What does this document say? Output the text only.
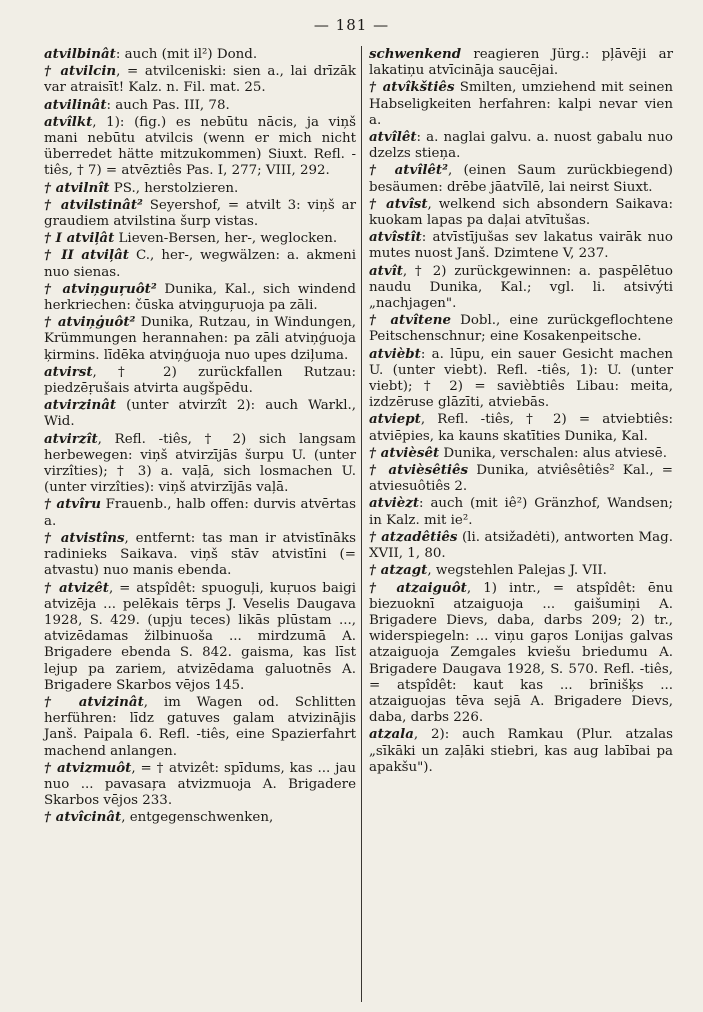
— 181 —

atvilbinât: auch (mit il²) Dond.

† atvilcin, = atvilceniski: sien a., lai drīzāk var atraisīt! Kalz. n. Fil. mat. 25.

atvilinât: auch Pas. III, 78.

atvîlkt, 1): (fig.) es nebūtu nācis, ja viņš mani nebūtu atvilcis (wenn er mich nicht überredet hätte mitzukommen) Siuxt. Refl. -tiês, † 7) = atvēztiês Pas. I, 277; VIII, 292.

† atvilnît PS., herstolzieren.

† atvilstinât² Seyershof, = atvilt 3: viņš ar graudiem atvilstina šurp vistas.

† I atviļât Lieven-Bersen, her-, weglocken.

† II atviļât C., her-, wegwälzen: a. akmeni nuo sienas.

† atviņguŗuôt² Dunika, Kal., sich windend herkriechen: čūska atviņguŗuoja pa zāli.

† atviņġuôt² Dunika, Rutzau, in Windungen, Krümmungen herannahen: pa zāli atviņģuoja ķirmins. līdēka atviņģuoja nuo upes dziļuma.

atvirst, † 2) zurückfallen Rutzau: piedzēṛušais atvirta augšpēdu.

atvirzinât (unter atvirzît 2): auch Warkl., Wid.

atvirzît, Refl. -tiês, † 2) sich langsam herbewegen: viņš atvirzījās šurpu U. (unter virzîties); † 3) a. vaļā, sich losmachen U. (unter virzîties): viņš atvirzījās vaļā.

† atvîru Frauenb., halb offen: durvis atvērtas a.

† atvistîns, entfernt: tas man ir atvistīnāks radinieks Saikava. viņš stāv atvistīni (= atvastu) nuo manis ebenda.

† atvizêt, = atspîdêt: spuoguļi, kuṛuos baigi atvizēja ... pelēkais tērps J. Veselis Daugava 1928, S. 429. (upju teces) likās plūstam ..., atvizēdamas žilbinuoša ... mirdzumā A. Brigadere ebenda S. 842. gaisma, kas līst lejup pa zariem, atvizēdama galuotnēs A. Brigadere Skarbos vējos 145.

† atvizinât, im Wagen od. Schlitten herführen: līdz gatuves galam atvizinājis Janš. Paipala 6. Refl. -tiês, eine Spazierfahrt machend anlangen.

† atvizmuôt, = † atvizêt: spīdums, kas ... jau nuo ... pavasaŗa atvizmuoja A. Brigadere Skarbos vējos 233.

† atvîcinât, entgegenschwenken,

schwenkend reagieren Jürg.: pļāvēji ar lakatiņu atvīcināja saucējai.

† atvîkštiês Smilten, umziehend mit seinen Habseligkeiten herfahren: kalpi nevar vien a.

atvîlêt: a. naglai galvu. a. nuost gabalu nuo dzelzs stieņa.

† atvîlêt², (einen Saum zurückbiegend) besäumen: drēbe jāatvīlē, lai neirst Siuxt.

† atvîst, welkend sich absondern Saikava: kuokam lapas pa daļai atvītušas.

atvîstît: atvīstījušas sev lakatus vairāk nuo mutes nuost Janš. Dzimtene V, 237.

atvît, † 2) zurückgewinnen: a. paspēlētuo naudu Dunika, Kal.; vgl. li. atsivýti „nachjagen".

† atvîtene Dobl., eine zurückgeflochtene Peitschenschnur; eine Kosakenpeitsche.

atvièbt: a. lūpu, ein sauer Gesicht machen U. (unter viebt). Refl. -tiês, 1): U. (unter viebt); † 2) = savièbtiês Libau: meita, izdzēruse glāzīti, atviebās.

atviept, Refl. -tiês, † 2) = atviebtiês: atviēpies, ka kauns skatīties Dunika, Kal.

† atvièsêt Dunika, verschalen: alus atviesē.

† atvièsêtiês Dunika, atviêsêtiês² Kal., = atviesuôtiês 2.

atvièzt: auch (mit iê²) Gränzhof, Wandsen; in Kalz. mit ie².

† atzadêtiês (li. atsižadėti), antworten Mag. XVII, 1, 80.

† atzagt, wegstehlen Palejas J. VII.

† atzaiguôt, 1) intr., = atspîdêt: ēnu biezuoknī atzaiguoja ... gaišumiņi A. Brigadere Dievs, daba, darbs 209; 2) tr., widerspiegeln: ... viņu gaŗos Lonijas galvas atzaiguoja Zemgales kviešu briedumu A. Brigadere Daugava 1928, S. 570. Refl. -tiês, = atspîdêt: kaut kas ... brīnišķs ... atzaiguojas tēva sejā A. Brigadere Dievs, daba, darbs 226.

atzala, 2): auch Ramkau (Plur. atzalas „sīkāki un zaļāki stiebri, kas aug labībai pa apakšu").
